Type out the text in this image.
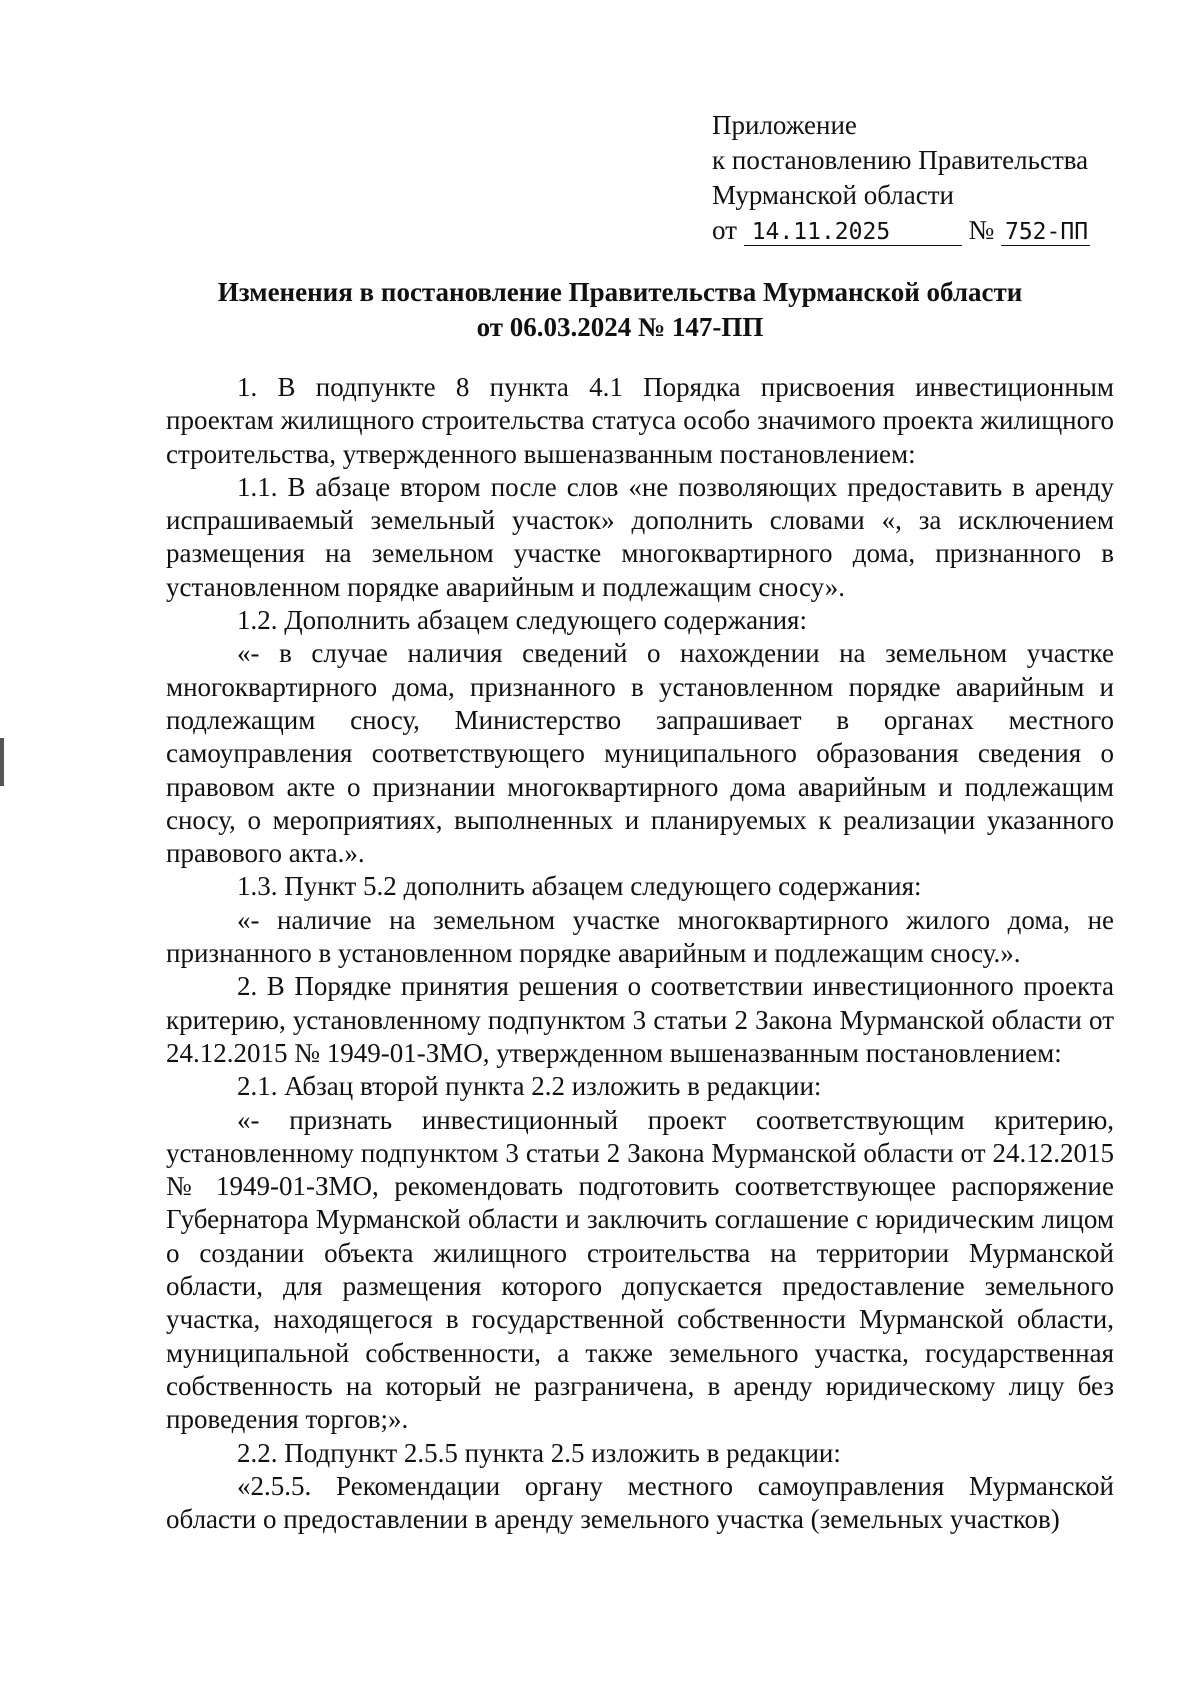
Приложение
к постановлению Правительства
Мурманской области
от 14.11.2025	№ 752-ПП
Изменения в постановление Правительства Мурманской области
от 06.03.2024 № 147-ПП

1. В подпункте 8 пункта 4.1 Порядка присвоения инвестиционным проектам жилищного строительства статуса особо значимого проекта жилищного строительства, утвержденного вышеназванным постановлением:

1.1. В абзаце втором после слов «не позволяющих предоставить в аренду испрашиваемый земельный участок» дополнить словами «, за исключением размещения на земельном участке многоквартирного дома, признанного в установленном порядке аварийным и подлежащим сносу».

1.2. Дополнить абзацем следующего содержания:

«- в случае наличия сведений о нахождении на земельном участке многоквартирного дома, признанного в установленном порядке аварийным и подлежащим сносу, Министерство запрашивает в органах местного самоуправления соответствующего муниципального образования сведения о правовом акте о признании многоквартирного дома аварийным и подлежащим сносу, о мероприятиях, выполненных и планируемых к реализации указанного правового акта.».

1.3. Пункт 5.2 дополнить абзацем следующего содержания:

«- наличие на земельном участке многоквартирного жилого дома, не признанного в установленном порядке аварийным и подлежащим сносу.».

2. В Порядке принятия решения о соответствии инвестиционного проекта критерию, установленному подпунктом 3 статьи 2 Закона Мурманской области от 24.12.2015 № 1949-01-ЗМО, утвержденном вышеназванным постановлением:

2.1. Абзац второй пункта 2.2 изложить в редакции:

«- признать инвестиционный проект соответствующим критерию, установленному подпунктом 3 статьи 2 Закона Мурманской области от 24.12.2015 № 1949-01-ЗМО, рекомендовать подготовить соответствующее распоряжение Губернатора Мурманской области и заключить соглашение с юридическим лицом о создании объекта жилищного строительства на территории Мурманской области, для размещения которого допускается предоставление земельного участка, находящегося в государственной собственности Мурманской области, муниципальной собственности, а также земельного участка, государственная собственность на который не разграничена, в аренду юридическому лицу без проведения торгов;».

2.2. Подпункт 2.5.5 пункта 2.5 изложить в редакции:

«2.5.5. Рекомендации органу местного самоуправления Мурманской области о предоставлении в аренду земельного участка (земельных участков)
